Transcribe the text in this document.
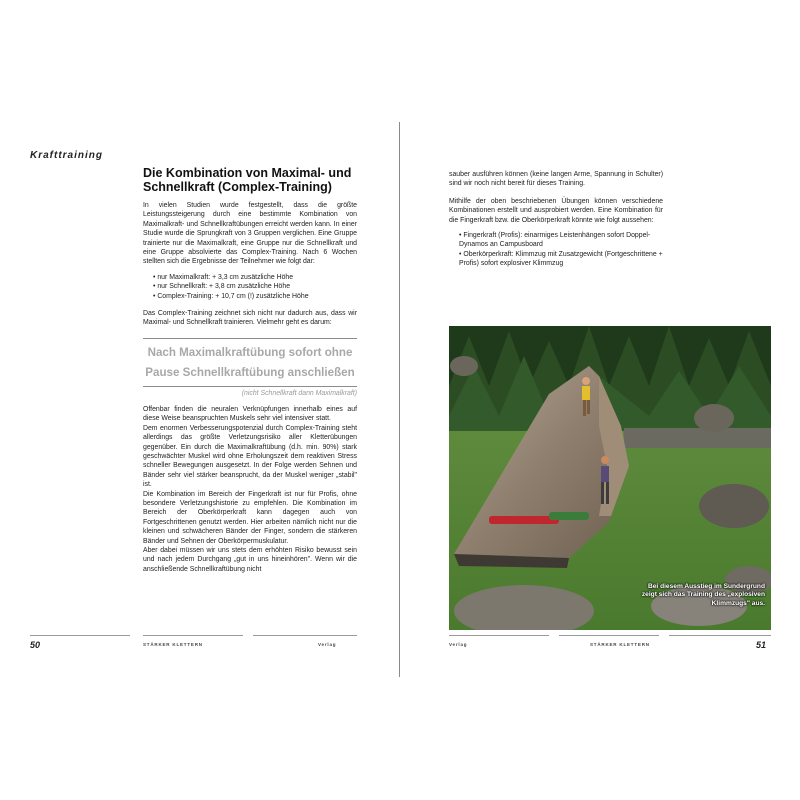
Krafttraining
Die Kombination von Maximal- und Schnellkraft (Complex-Training)

In vielen Studien wurde festgestellt, dass die größte Leistungssteigerung durch eine bestimmte Kombination von Maximalkraft- und Schnellkraftübungen erreicht werden kann. In einer Studie wurde die Sprungkraft von 3 Gruppen verglichen. Eine Gruppe trainierte nur die Maximalkraft, eine Gruppe nur die Schnellkraft und eine Gruppe absolvierte das Complex-Training. Nach 6 Wochen stellten sich die Ergebnisse der Teilnehmer wie folgt dar:

• nur Maximalkraft: + 3,3 cm zusätzliche Höhe
• nur Schnellkraft: + 3,8 cm zusätzliche Höhe
• Complex-Training: + 10,7 cm (!) zusätzliche Höhe

Das Complex-Training zeichnet sich nicht nur dadurch aus, dass wir Maximal- und Schnellkraft trainieren. Vielmehr geht es darum:

Nach Maximalkraftübung sofort ohne
Pause Schnellkraftübung anschließen
(nicht Schnellkraft dann Maximalkraft)

Offenbar finden die neuralen Verknüpfungen innerhalb eines auf diese Weise beanspruchten Muskels sehr viel intensiver statt.

Dem enormen Verbesserungspotenzial durch Complex-Training steht allerdings das größte Verletzungsrisiko aller Kletterübungen gegenüber. Ein durch die Maximalkraftübung (d.h. min. 90%) stark geschwächter Muskel wird ohne Erholungszeit dem reaktiven Stress schneller Bewegungen ausgesetzt. In der Folge werden Sehnen und Bänder sehr viel stärker beansprucht, da der Muskel weniger „stabil" ist.

Die Kombination im Bereich der Fingerkraft ist nur für Profis, ohne besondere Verletzungshistorie zu empfehlen. Die Kombination im Bereich der Oberkörperkraft kann dagegen auch von Fortgeschrittenen genutzt werden. Hier arbeiten nämlich nicht nur die kleinen und schwächeren Bänder der Finger, sondern die stärkeren Bänder und Sehnen der Oberkörpermuskulatur.

Aber dabei müssen wir uns stets dem erhöhten Risiko bewusst sein und nach jedem Durchgang „gut in uns hineinhören". Wenn wir die anschließende Schnellkraftübung nicht

50	STÄRKER KLETTERN	Verlag

sauber ausführen können (keine langen Arme, Spannung in Schulter) sind wir noch nicht bereit für dieses Training.

Mithilfe der oben beschriebenen Übungen können verschiedene Kombinationen erstellt und ausprobiert werden. Eine Kombination für die Fingerkraft bzw. die Oberkörperkraft könnte wie folgt aussehen:

• Fingerkraft (Profis): einarmiges Leistenhängen sofort Doppel-Dynamos an Campusboard
• Oberkörperkraft: Klimmzug mit Zusatzgewicht (Fortgeschrittene + Profis) sofort explosiver Klimmzug
Bei diesem Ausstieg im Sundergrund zeigt sich das Training des „explosiven Klimmzugs" aus.
Verlag	STÄRKER KLETTERN	51
